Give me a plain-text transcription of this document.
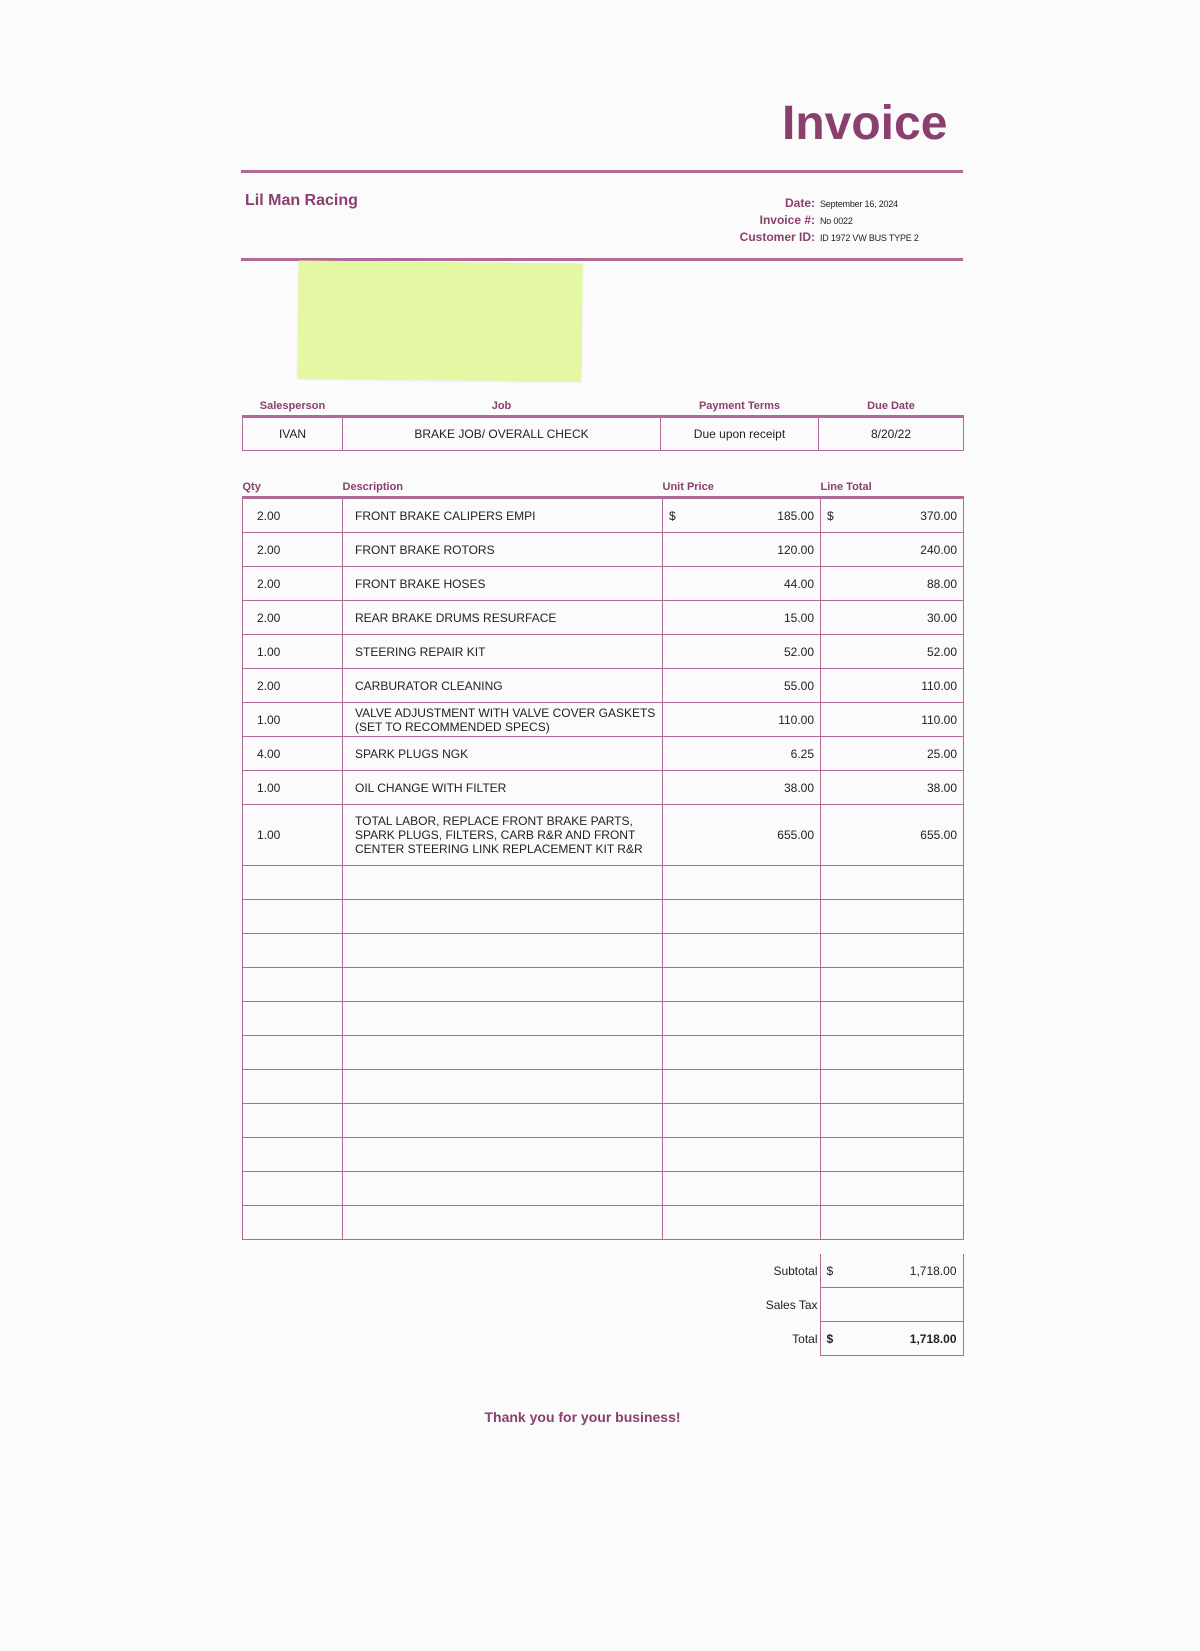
Invoice
Lil Man Racing	Date: September 16, 2024
Invoice #: No 0022
Customer ID: ID 1972 VW BUS TYPE 2
Salesperson	Job	Payment Terms	Due Date
IVAN	BRAKE JOB/ OVERALL CHECK	Due upon receipt	8/20/22
Qty	Description	Unit Price	Line Total
2.00	FRONT BRAKE CALIPERS EMPI	$ 185.00	$ 370.00
2.00	FRONT BRAKE ROTORS	120.00	240.00
2.00	FRONT BRAKE HOSES	44.00	88.00
2.00	REAR BRAKE DRUMS RESURFACE	15.00	30.00
1.00	STEERING REPAIR KIT	52.00	52.00
2.00	CARBURATOR CLEANING	55.00	110.00
1.00	VALVE ADJUSTMENT WITH VALVE COVER GASKETS (SET TO RECOMMENDED SPECS)	110.00	110.00
4.00	SPARK PLUGS NGK	6.25	25.00
1.00	OIL CHANGE WITH FILTER	38.00	38.00
1.00	TOTAL LABOR, REPLACE FRONT BRAKE PARTS, SPARK PLUGS, FILTERS, CARB R&R AND FRONT CENTER STEERING LINK REPLACEMENT KIT R&R	655.00	655.00

Subtotal	$ 1,718.00
Sales Tax	
Total	$ 1,718.00
Thank you for your business!
